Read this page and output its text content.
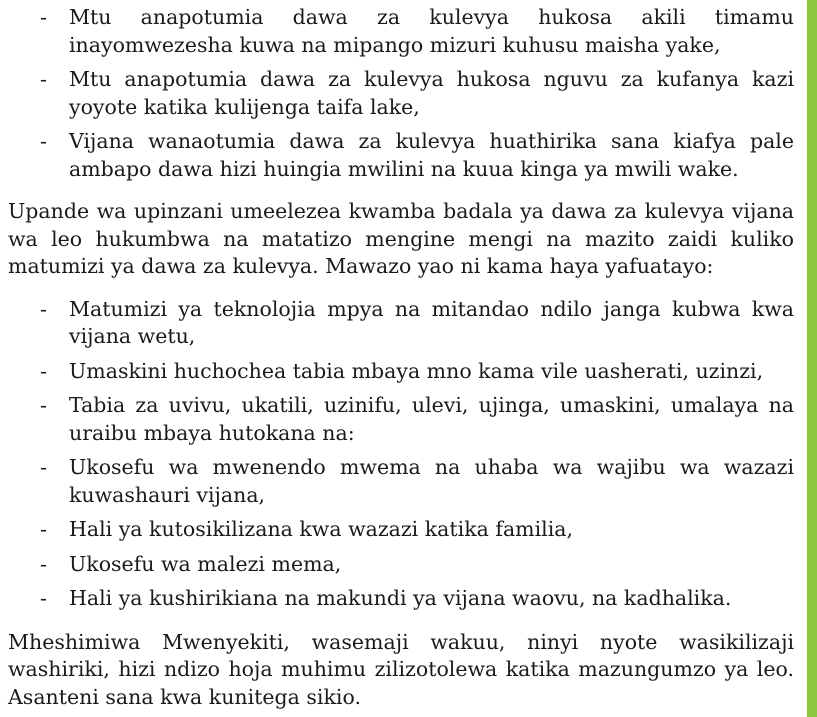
- Mtu anapotumia dawa za kulevya hukosa akili timamu inayomwezesha kuwa na mipango mizuri kuhusu maisha yake,
- Mtu anapotumia dawa za kulevya hukosa nguvu za kufanya kazi yoyote katika kulijenga taifa lake,
- Vijana wanaotumia dawa za kulevya huathirika sana kiafya pale ambapo dawa hizi huingia mwilini na kuua kinga ya mwili wake.

Upande wa upinzani umeelezea kwamba badala ya dawa za kulevya vijana wa leo hukumbwa na matatizo mengine mengi na mazito zaidi kuliko matumizi ya dawa za kulevya. Mawazo yao ni kama haya yafuatayo:

- Matumizi ya teknolojia mpya na mitandao ndilo janga kubwa kwa vijana wetu,
- Umaskini huchochea tabia mbaya mno kama vile uasherati, uzinzi,
- Tabia za uvivu, ukatili, uzinifu, ulevi, ujinga, umaskini, umalaya na uraibu mbaya hutokana na:
- Ukosefu wa mwenendo mwema na uhaba wa wajibu wa wazazi kuwashauri vijana,
- Hali ya kutosikilizana kwa wazazi katika familia,
- Ukosefu wa malezi mema,
- Hali ya kushirikiana na makundi ya vijana waovu, na kadhalika.

Mheshimiwa Mwenyekiti, wasemaji wakuu, ninyi nyote wasikilizaji washiriki, hizi ndizo hoja muhimu zilizotolewa katika mazungumzo ya leo. Asanteni sana kwa kunitega sikio.
